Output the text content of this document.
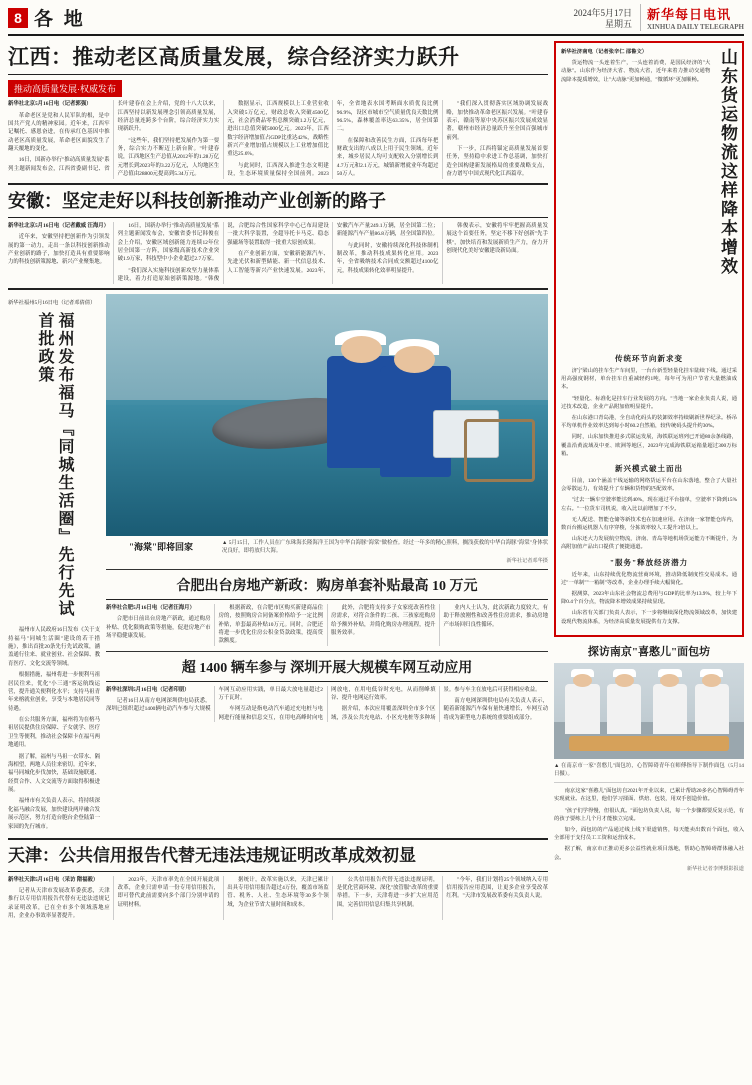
8 各 地	2024年5月17日
星期五
新华每日电讯
XINHUA DAILY TELEGRAPH
江西：推动老区高质量发展，综合经济实力跃升
推动高质量发展·权威发布

新华社北京5月16日电（记者郭强）

革命老区是党和人民军队的根，是中国共产党人的精神家园。近年来，江西牢记嘱托、感恩奋进，在传承红色基因中推动老区高质量发展，革命老区面貌发生了翻天覆地的变化。

16日，国新办举行"推动高质量发展"系列主题新闻发布会，江西省委副书记、省长叶建春在会上介绍，党的十八大以来，江西坚持以新发展理念引领高质量发展，经济总量连跨多个台阶，综合经济实力实现新跃升。

"这些年，我们坚持把发展作为第一要务，综合实力不断迈上新台阶。"叶建春说，江西地区生产总值从2012年的1.28万亿元增长到2023年的3.22万亿元，人均地区生产总值由28800元提高到5.34万元。

数据显示，江西规模以上工业营业收入突破5万亿元，财政总收入突破4500亿元，社会消费品零售总额突破1.2万亿元，进出口总值突破5000亿元。2023年，江西数字经济增加值占GDP比重达42%，战略性新兴产业增加值占规模以上工业增加值比重达25.6%。

与此同时，江西深入推进生态文明建设，生态环境质量保持全国前列。2023年，全省地表水国考断面水质优良比例96.9%，设区市城市空气质量优良天数比例96.5%，森林覆盖率达63.35%，居全国第二。

在保障和改善民生方面，江西每年把财政支出的八成以上用于民生领域。近年来，城乡居民人均可支配收入分别增长到4.7万元和2.1万元，城镇新增就业年均超过50万人。

"我们深入贯彻落实区域协调发展战略，加快推动革命老区振兴发展。"叶建春表示，赣南等原中央苏区振兴发展成效显著，赣州市经济总量跃升至全国百强城市前列。

下一步，江西将锚定高质量发展首要任务，坚持稳中求进工作总基调，加快打造全国构建新发展格局的重要战略支点，奋力谱写中国式现代化江西篇章。

安徽：坚定走好以科技创新推动产业创新的路子

新华社北京5月16日电（记者戴威 汪海月）

近年来，安徽坚持把创新作为引领发展的第一动力，走出一条以科技创新推动产业创新的路子，加快打造具有重要影响力的科技创新策源地、新兴产业聚集地。

16日，国新办举行"推动高质量发展"系列主题新闻发布会，安徽省委书记韩俊在会上介绍，安徽区域创新能力连续12年位居全国第一方阵，国家级高新技术企业突破1.9万家，科技型中小企业超过2.7万家。

"我们深入实施科技创新攻坚力量体系建设，着力打造原始创新策源地。"韩俊说，合肥综合性国家科学中心已布局建设一批大科学装置，全超导托卡马克、稳态强磁场等装置取得一批重大原创成果。

在产业创新方面，安徽新能源汽车、先进光伏和新型储能、新一代信息技术、人工智能等新兴产业快速发展。2023年，安徽汽车产量249.1万辆，居全国第二位；新能源汽车产量86.8万辆，居全国第四位。

与此同时，安徽持续深化科技体制机制改革，推动科技成果转化应用。2023年，全省吸纳技术合同成交额超过4100亿元，科技成果转化效率明显提升。

韩俊表示，安徽将牢牢把握高质量发展这个首要任务，坚定不移下好创新"先手棋"，加快培育和发展新质生产力，奋力开创现代化美好安徽建设新局面。

新华社福州5月16日电（记者邓倩倩）

福州发布福马『同城生活圈』先行先试首批政策

福州市人民政府16日发布《关于支持福马"同城生活圈"建设的若干措施》，推出首批20条先行先试政策，涵盖通行往来、就业创业、社会保障、教育医疗、文化交流等领域。

根据措施，福州将进一步便利马祖居民往来，优化"小三通"客运航线运营，提升通关便利化水平；支持马祖青年来榕就业创业，享受与本地居民同等待遇。

在公共服务方面，福州将为在榕马祖居民提供住房保障、子女就学、医疗卫生等便利，推动社会保障卡在福马两地通用。

据了解，福州与马祖一衣带水、隔海相望，两地人员往来密切。近年来，福马同城化步伐加快，基础设施联通、经贸合作、人文交流等方面取得积极进展。

福州市有关负责人表示，将持续深化福马融合发展，加快建设两岸融合发展示范区，努力打造台胞台企登陆第一家园的先行城市。

"海棠"即将回家	▲ 5月15日，工作人员在广东珠海长隆海洋王国为中华白海豚"海棠"做检查。经过一年多的精心照料，搁浅获救的中华白海豚"海棠"身体状况良好，即将放归大海。
新华社记者邓华摄
合肥出台房地产新政：购房单套补贴最高 10 万元

新华社合肥5月16日电（记者汪海月）

合肥市日前出台房地产新政，通过购房补贴、优化限购政策等措施，促进房地产市场平稳健康发展。

根据新政，在合肥市区购买新建商品住房的，按照购房合同备案价格给予一定比例补贴，单套最高补贴10万元。同时，合肥还将进一步优化住房公积金贷款政策，提高贷款额度。

此外，合肥将支持多子女家庭改善性住房需求，对符合条件的二孩、三孩家庭购房给予额外补贴，并简化购房办理流程，提升服务效率。

业内人士认为，此次新政力度较大，有助于释放刚性和改善性住房需求，推动房地产市场回归良性循环。

超 1400 辆车参与 深圳开展大规模车网互动应用

新华社深圳5月16日电（记者印朋）

记者16日从南方电网深圳供电局获悉，深圳已组织超过1400辆电动汽车参与大规模车网互动应用实践，单日最大放电量超过2万千瓦时。

车网互动是指电动汽车通过充电桩与电网进行能量和信息交互，在用电高峰时向电网放电，在用电低谷时充电，从而削峰填谷、提升电网运行效率。

据介绍，本次应用覆盖深圳全市多个区域，涉及公共充电站、小区充电桩等多种场景。参与车主在放电后可获得相应收益。

南方电网深圳供电局有关负责人表示，随着新能源汽车保有量快速增长，车网互动将成为新型电力系统的重要组成部分。

天津：公共信用报告代替无违法违规证明改革成效初显

新华社天津5月16日电（采访 隋福毅）

记者从天津市发展改革委获悉，天津推行以专用信用报告代替有无违法违规记录证明改革，已在全市多个领域落地应用，企业办事效率显著提升。

2023年，天津市率先在全国开展此项改革，企业只需申请一份专用信用报告，即可替代此前需要向多个部门分别申请的证明材料。

据统计，改革实施以来，天津已累计出具专用信用报告超过4万份，覆盖市场监管、税务、人社、生态环境等30多个领域，为企业节省大量时间和成本。

公共信用报告代替无违法违规证明，是优化营商环境、深化"放管服"改革的重要举措。下一步，天津将进一步扩大应用范围，完善信用信息归集共享机制。

"今年，我们计划将25个领域纳入专用信用报告应用范围，让更多企业享受改革红利。"天津市发展改革委有关负责人说。

新华社济南电（记者张辛仁 邵鲁文）

货运物流一头连着生产，一头连着消费，是国民经济的"大动脉"。山东作为经济大省、物流大省，近年来着力推动交通物流降本提质增效，让"大动脉"更加畅通，"微循环"更加顺畅。 山东货运物流这样降本增效
传统环节向新求变

济宁梁山的挂车生产车间里，一台台新型轻量化挂车陆续下线。通过采用高强度钢材，单台挂车自重减轻约1吨，每年可为用户节省大量燃油成本。

"轻量化、标准化是挂车行业发展的方向。"当地一家企业负责人说，通过技术改造，企业产品附加值明显提升。

在山东港口青岛港，全自动化码头的装卸效率持续刷新世界纪录。桥吊平均单机作业效率达到每小时60.2自然箱，较传统码头提升约30%。

同时，山东加快推进多式联运发展，海铁联运班列已开通80余条线路，覆盖沿黄流域及中亚、欧洲等地区，2023年完成海铁联运箱量超过300万标箱。

新兴模式破土而出

目前，130个涵盖干线运输的网络货运平台在山东落地，整合了大量社会零散运力，有效提升了车辆和货物的匹配效率。

"过去一辆车空驶率能达到40%，现在通过平台接单，空驶率下降到15%左右。"一位货车司机说，收入比以前增加了不少。

无人配送、智能仓储等新技术也在加速应用。在济南一家智能仓库内，数百台搬运机器人有序穿梭，分拣效率较人工提升3倍以上。

山东还大力发展航空物流，济南、青岛等地机场货运能力不断提升，为高附加值产品出口提供了便捷通道。

"服务"释放经济潜力

近年来，山东持续优化物流营商环境，推动降低制度性交易成本。通过"一单制""一箱制"等改革，企业办理手续大幅简化。

据测算，2023年山东社会物流总费用与GDP的比率为13.9%，较上年下降0.4个百分点，物流降本增效成果持续显现。

山东省有关部门负责人表示，下一步将继续深化物流领域改革，加快建设现代物流体系，为经济高质量发展提供有力支撑。

探访南京"喜憨儿"面包坊
▲ 在南京市一家"喜憨儿"面包坊，心智障碍青年在师傅指导下制作面包（5月14日摄）。

南京这家"喜憨儿"面包坊自2021年开业以来，已累计帮助20多名心智障碍青年实现就业。在这里，他们学习揉面、烘焙、包装，用双手创造价值。

"孩子们学得慢，但很认真。"面包坊负责人说，每一个步骤都要反复示范，有的孩子要练上几个月才能独立完成。

如今，面包坊的产品通过线上线下渠道销售，每天能卖出数百个面包，收入全部用于支付员工工资和运营成本。

据了解，南京市正推动更多公益性就业项目落地，帮助心智障碍群体融入社会。

新华社记者李博摄影报道
